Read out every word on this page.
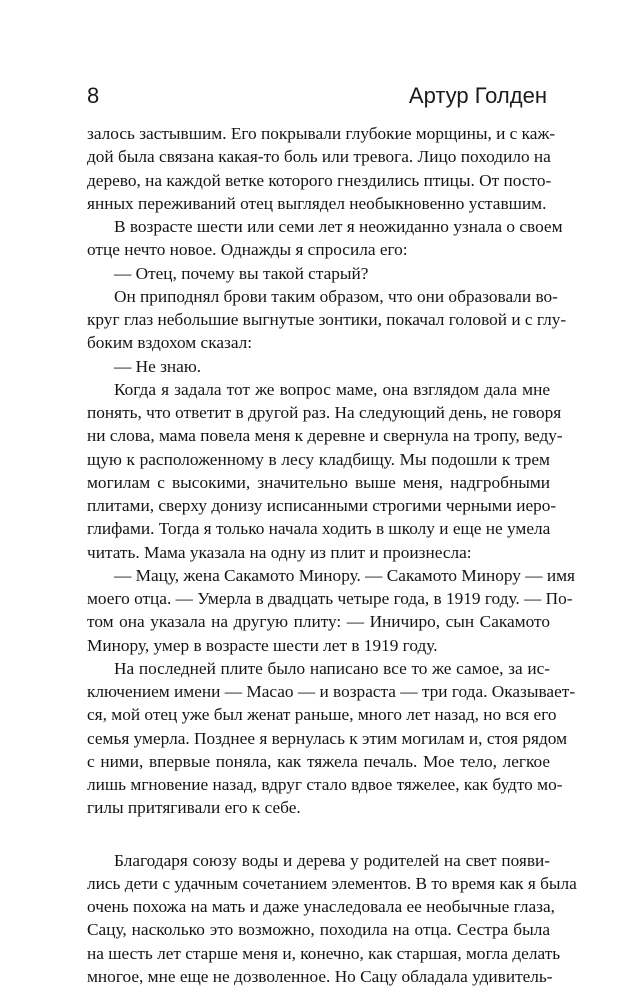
8	Артур Голден
залось застывшим. Его покрывали глубокие морщины, и с каж-
дой была связана какая-то боль или тревога. Лицо походило на
дерево, на каждой ветке которого гнездились птицы. От посто-
янных переживаний отец выглядел необыкновенно уставшим.
В возрасте шести или семи лет я неожиданно узнала о своем
отце нечто новое. Однажды я спросила его:
— Отец, почему вы такой старый?
Он приподнял брови таким образом, что они образовали во-
круг глаз небольшие выгнутые зонтики, покачал головой и с глу-
боким вздохом сказал:
— Не знаю.
Когда я задала тот же вопрос маме, она взглядом дала мне
понять, что ответит в другой раз. На следующий день, не говоря
ни слова, мама повела меня к деревне и свернула на тропу, веду-
щую к расположенному в лесу кладбищу. Мы подошли к трем
могилам с высокими, значительно выше меня, надгробными
плитами, сверху донизу исписанными строгими черными иеро-
глифами. Тогда я только начала ходить в школу и еще не умела
читать. Мама указала на одну из плит и произнесла:
— Мацу, жена Сакамото Минору. — Сакамото Минору — имя
моего отца. — Умерла в двадцать четыре года, в 1919 году. — По-
том она указала на другую плиту: — Иничиро, сын Сакамото
Минору, умер в возрасте шести лет в 1919 году.
На последней плите было написано все то же самое, за ис-
ключением имени — Масао — и возраста — три года. Оказывает-
ся, мой отец уже был женат раньше, много лет назад, но вся его
семья умерла. Позднее я вернулась к этим могилам и, стоя рядом
с ними, впервые поняла, как тяжела печаль. Мое тело, легкое
лишь мгновение назад, вдруг стало вдвое тяжелее, как будто мо-
гилы притягивали его к себе.
Благодаря союзу воды и дерева у родителей на свет появи-
лись дети с удачным сочетанием элементов. В то время как я была
очень похожа на мать и даже унаследовала ее необычные глаза,
Сацу, насколько это возможно, походила на отца. Сестра была
на шесть лет старше меня и, конечно, как старшая, могла делать
многое, мне еще не дозволенное. Но Сацу обладала удивитель-
